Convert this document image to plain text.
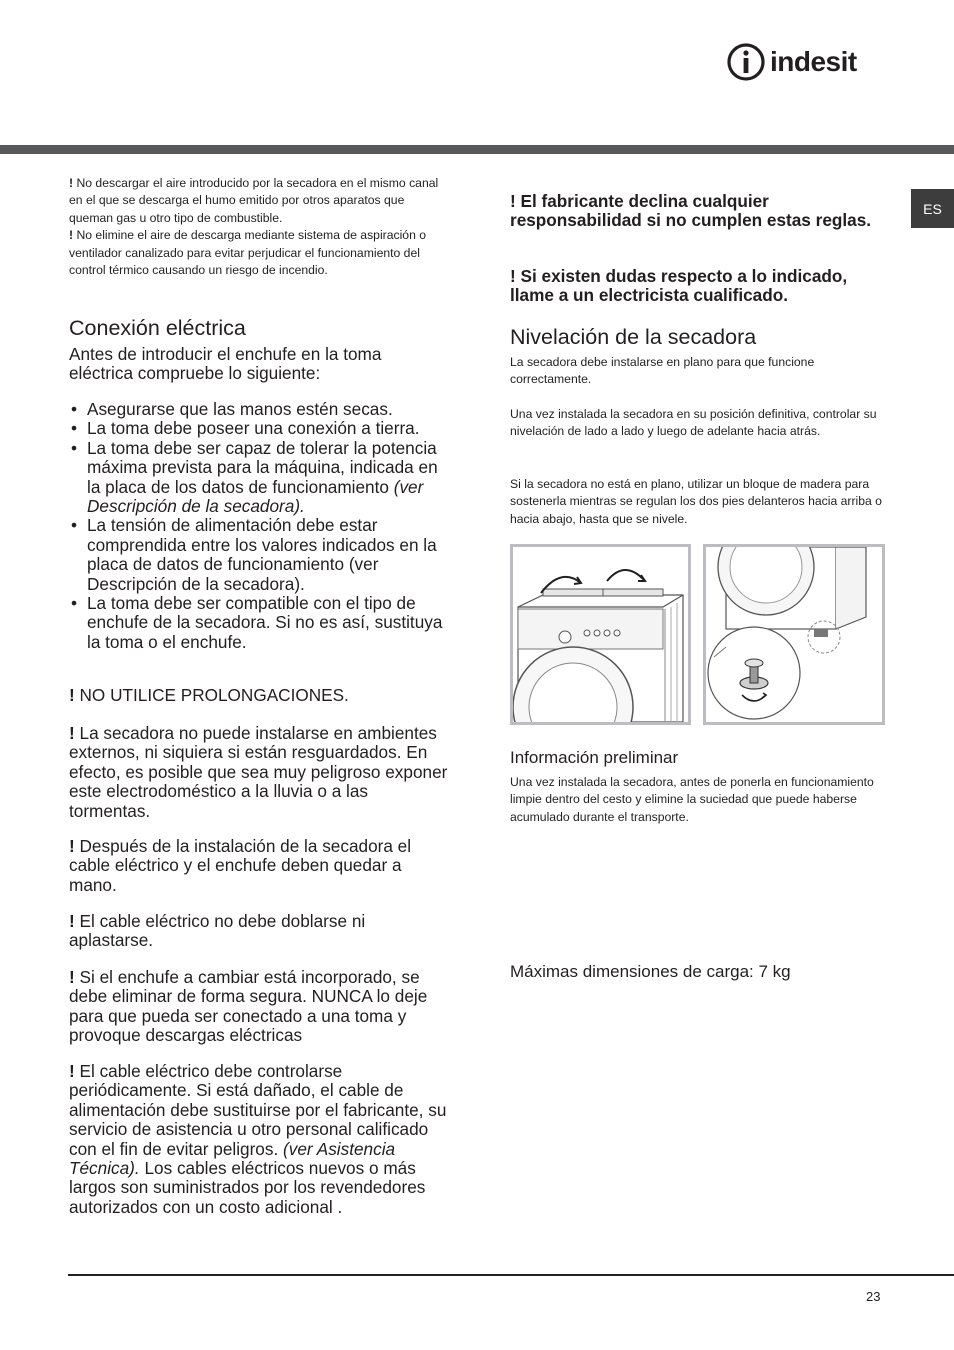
indesit
ES

! No descargar el aire introducido por la secadora en el mismo canal en el que se descarga el humo emitido por otros aparatos que queman gas u otro tipo de combustible.

! No elimine el aire de descarga mediante sistema de aspiración o ventilador canalizado para evitar perjudicar el funcionamiento del control térmico causando un riesgo de incendio.

Conexión eléctrica
Antes de introducir el enchufe en la toma eléctrica compruebe lo siguiente:
• Asegurarse que las manos estén secas.
• La toma debe poseer una conexión a tierra.
• La toma debe ser capaz de tolerar la potencia máxima prevista para la máquina, indicada en la placa de los datos de funcionamiento (ver Descripción de la secadora).
• La tensión de alimentación debe estar comprendida entre los valores indicados en la placa de datos de funcionamiento (ver Descripción de la secadora).
• La toma debe ser compatible con el tipo de enchufe de la secadora. Si no es así, sustituya la toma o el enchufe.
! NO UTILICE PROLONGACIONES.
! La secadora no puede instalarse en ambientes externos, ni siquiera si están resguardados. En efecto, es posible que sea muy peligroso exponer este electrodoméstico a la lluvia o a las tormentas.
! Después de la instalación de la secadora el cable eléctrico y el enchufe deben quedar a mano.
! El cable eléctrico no debe doblarse ni aplastarse.
! Si el enchufe a cambiar está incorporado, se debe eliminar de forma segura. NUNCA lo deje para que pueda ser conectado a una toma y provoque descargas eléctricas
! El cable eléctrico debe controlarse periódicamente. Si está dañado, el cable de alimentación debe sustituirse por el fabricante, su servicio de asistencia u otro personal calificado con el fin de evitar peligros. (ver Asistencia Técnica). Los cables eléctricos nuevos o más largos son suministrados por los revendedores autorizados con un costo adicional .
! El fabricante declina cualquier responsabilidad si no cumplen estas reglas.
! Si existen dudas respecto a lo indicado, llame a un electricista cualificado.
Nivelación de la secadora
La secadora debe instalarse en plano para que funcione correctamente.
Una vez instalada la secadora en su posición definitiva, controlar su nivelación de lado a lado y luego de adelante hacia atrás.
Si la secadora no está en plano, utilizar un bloque de madera para sostenerla mientras se regulan los dos pies delanteros hacia arriba o hacia abajo, hasta que se nivele.
Información preliminar
Una vez instalada la secadora, antes de ponerla en funcionamiento limpie dentro del cesto y elimine la suciedad que puede haberse acumulado durante el transporte.
Máximas dimensiones de carga: 7 kg
23
